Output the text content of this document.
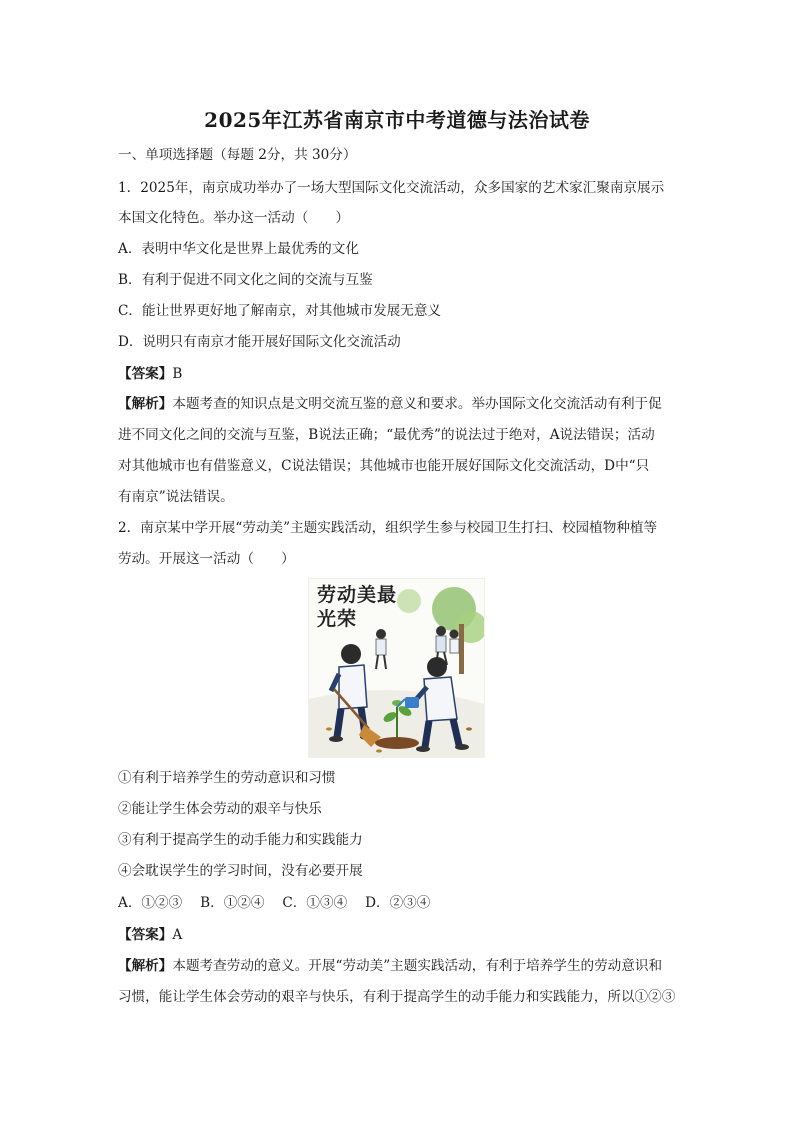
2025年江苏省南京市中考道德与法治试卷
一、单项选择题（每题 2分，共 30分）
1．2025年，南京成功举办了一场大型国际文化交流活动，众多国家的艺术家汇聚南京展示
本国文化特色。举办这一活动（　　）
A．表明中华文化是世界上最优秀的文化
B．有利于促进不同文化之间的交流与互鉴
C．能让世界更好地了解南京，对其他城市发展无意义
D．说明只有南京才能开展好国际文化交流活动
【答案】B
【解析】本题考查的知识点是文明交流互鉴的意义和要求。举办国际文化交流活动有利于促
进不同文化之间的交流与互鉴，B说法正确；“最优秀”的说法过于绝对，A说法错误；活动
对其他城市也有借鉴意义，C说法错误；其他城市也能开展好国际文化交流活动，D中“只
有南京”说法错误。
2．南京某中学开展“劳动美”主题实践活动，组织学生参与校园卫生打扫、校园植物种植等
劳动。开展这一活动（　　）
劳动美最光荣
①有利于培养学生的劳动意识和习惯
②能让学生体会劳动的艰辛与快乐
③有利于提高学生的动手能力和实践能力
④会耽误学生的学习时间，没有必要开展
A．①②③　 B．①②④　 C．①③④　 D．②③④
【答案】A
【解析】本题考查劳动的意义。开展“劳动美”主题实践活动，有利于培养学生的劳动意识和
习惯，能让学生体会劳动的艰辛与快乐，有利于提高学生的动手能力和实践能力，所以①②③
